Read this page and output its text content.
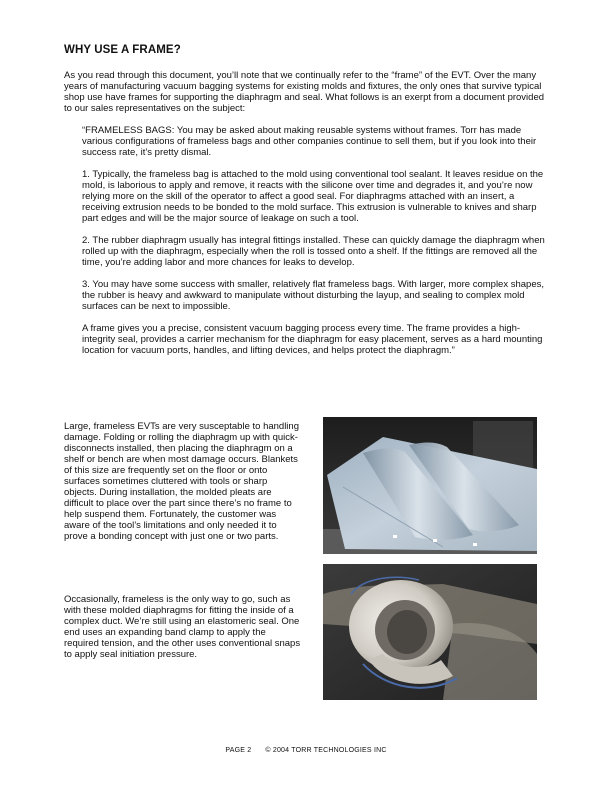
WHY USE A FRAME?

As you read through this document, you’ll note that we continually refer to the “frame” of the EVT. Over the many years of manufacturing vacuum bagging systems for existing molds and fixtures, the only ones that survive typical shop use have frames for supporting the diaphragm and seal. What follows is an exerpt from a document provided to our sales representatives on the subject:

“FRAMELESS BAGS: You may be asked about making reusable systems without frames. Torr has made various configurations of frameless bags and other companies continue to sell them, but if you look into their success rate, it’s pretty dismal.

1. Typically, the frameless bag is attached to the mold using conventional tool sealant. It leaves residue on the mold, is laborious to apply and remove, it reacts with the silicone over time and degrades it, and you’re now relying more on the skill of the operator to affect a good seal. For diaphragms attached with an insert, a receiving extrusion needs to be bonded to the mold surface. This extrusion is vulnerable to knives and sharp part edges and will be the major source of leakage on such a tool.

2. The rubber diaphragm usually has integral fittings installed. These can quickly damage the diaphragm when rolled up with the diaphragm, especially when the roll is tossed onto a shelf. If the fittings are removed all the time, you’re adding labor and more chances for leaks to develop.

3. You may have some success with smaller, relatively flat frameless bags. With larger, more complex shapes, the rubber is heavy and awkward to manipulate without disturbing the layup, and sealing to complex mold surfaces can be next to impossible.

A frame gives you a precise, consistent vacuum bagging process every time. The frame provides a high-integrity seal, provides a carrier mechanism for the diaphragm for easy placement, serves as a hard mounting location for vacuum ports, handles, and lifting devices, and helps protect the diaphragm.”

Large, frameless EVTs are very susceptable to handling damage. Folding or rolling the diaphragm up with quick-disconnects installed, then placing the diaphragm on a shelf or bench are when most damage occurs. Blankets of this size are frequently set on the floor or onto surfaces sometimes cluttered with tools or sharp objects. During installation, the molded pleats are difficult to place over the part since there’s no frame to help suspend them. Fortunately, the customer was aware of the tool’s limitations and only needed it to prove a bonding concept with just one or two parts.

Occasionally, frameless is the only way to go, such as with these molded diaphragms for fitting the inside of a complex duct. We’re still using an elastomeric seal. One end uses an expanding band clamp to apply the required tension, and the other uses conventional snaps to apply seal initiation pressure.

PAGE 2 © 2004 TORR TECHNOLOGIES INC
